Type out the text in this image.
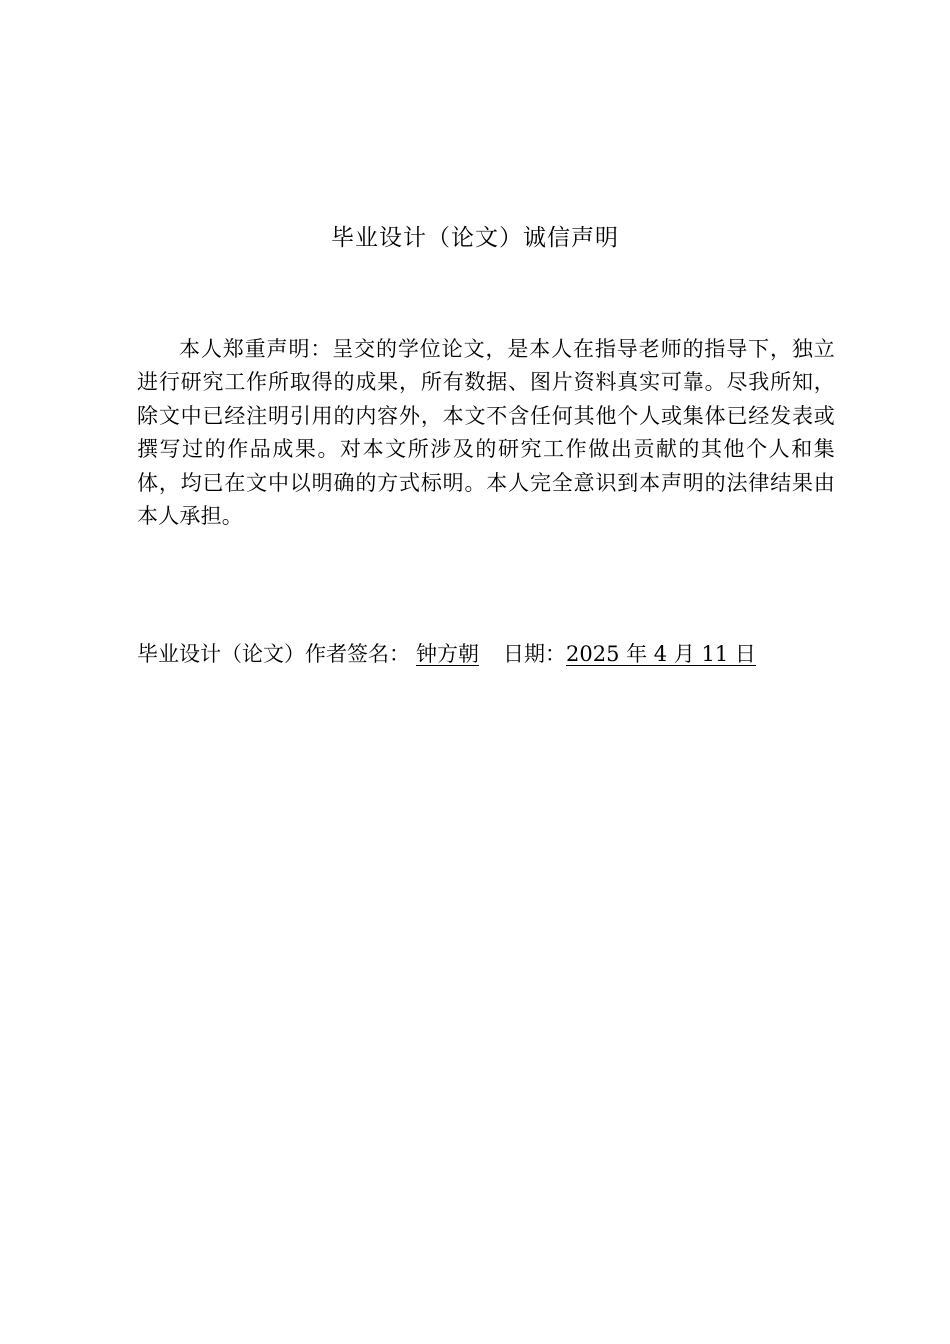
毕业设计（论文）诚信声明

本人郑重声明：呈交的学位论文，是本人在指导老师的指导下，独立进行研究工作所取得的成果，所有数据、图片资料真实可靠。尽我所知，除文中已经注明引用的内容外，本文不含任何其他个人或集体已经发表或撰写过的作品成果。对本文所涉及的研究工作做出贡献的其他个人和集体，均已在文中以明确的方式标明。本人完全意识到本声明的法律结果由本人承担。

毕业设计（论文）作者签名： 钟方朝 日期：2025 年 4 月 11 日
